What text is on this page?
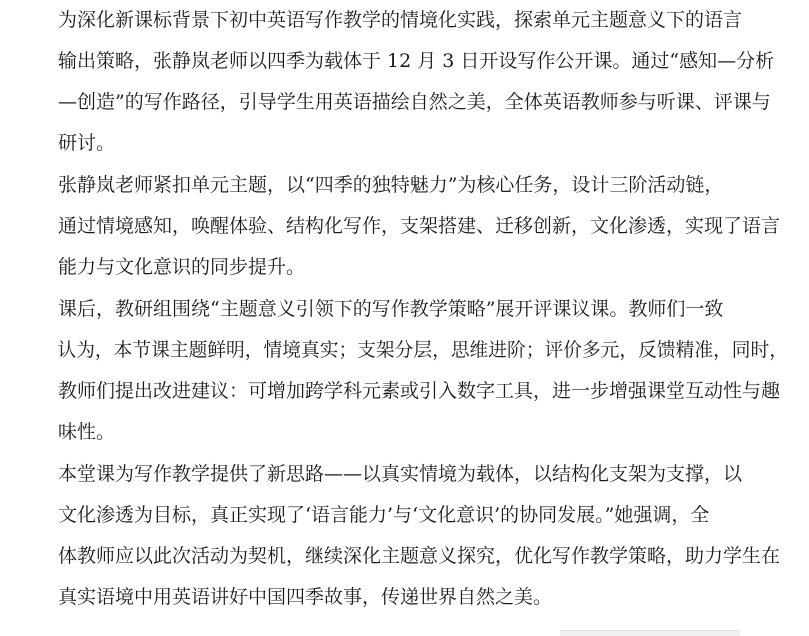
为深化新课标背景下初中英语写作教学的情境化实践，探索单元主题意义下的语言
输出策略，张静岚老师以四季为载体于 12 月 3 日开设写作公开课。通过“感知—分析
—创造”的写作路径，引导学生用英语描绘自然之美，全体英语教师参与听课、评课与
研讨。

张静岚老师紧扣单元主题，以“四季的独特魅力”为核心任务，设计三阶活动链，
通过情境感知，唤醒体验、结构化写作，支架搭建、迁移创新，文化渗透，实现了语言
能力与文化意识的同步提升。

课后，教研组围绕“主题意义引领下的写作教学策略”展开评课议课。教师们一致
认为，本节课主题鲜明，情境真实；支架分层，思维进阶；评价多元，反馈精准，同时，
教师们提出改进建议：可增加跨学科元素或引入数字工具，进一步增强课堂互动性与趣
味性。

本堂课为写作教学提供了新思路——以真实情境为载体，以结构化支架为支撑，以
文化渗透为目标，真正实现了‘语言能力’与‘文化意识’的协同发展。”她强调，全
体教师应以此次活动为契机，继续深化主题意义探究，优化写作教学策略，助力学生在
真实语境中用英语讲好中国四季故事，传递世界自然之美。
